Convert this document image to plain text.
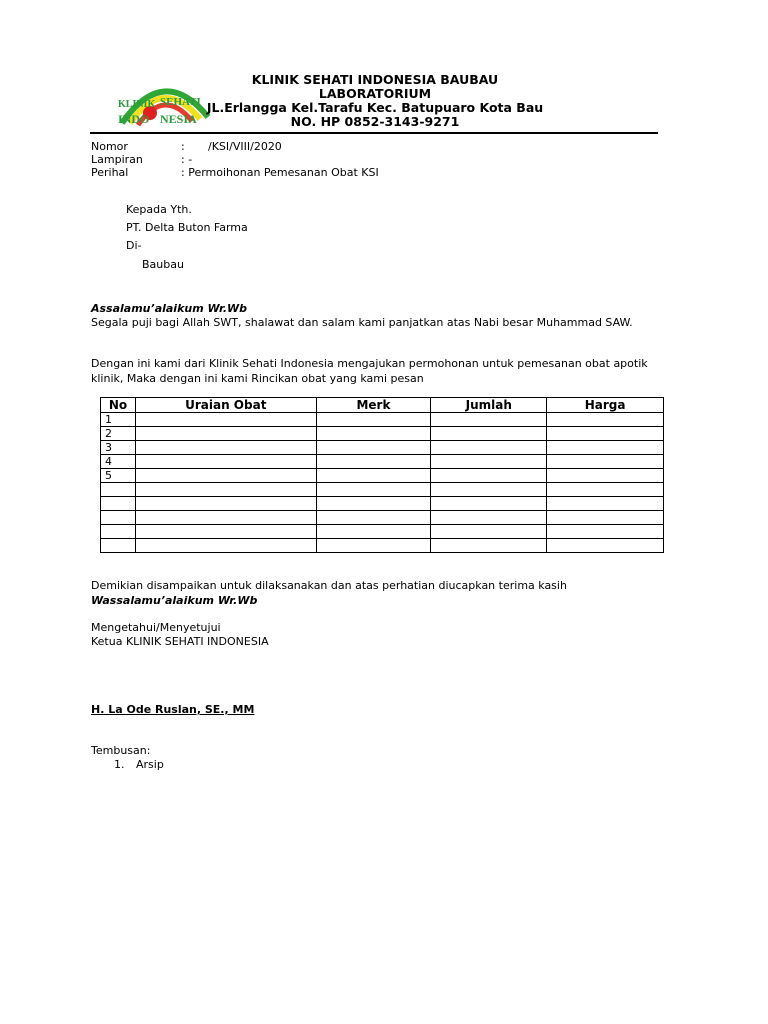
KLINIK SEHATI
INDO NESIA
KLINIK SEHATI INDONESIA BAUBAU
LABORATORIUM
JL.Erlangga Kel.Tarafu Kec. Batupuaro Kota Bau
NO. HP 0852-3143-9271
Nomor	: /KSI/VIII/2020
Lampiran	: -
Perihal	: Permoihonan Pemesanan Obat KSI
Kepada Yth.
PT. Delta Buton Farma
Di-
Baubau
Assalamu’alaikum Wr.Wb
Segala puji bagi Allah SWT, shalawat dan salam kami panjatkan atas Nabi besar Muhammad SAW.
Dengan ini kami dari Klinik Sehati Indonesia mengajukan permohonan untuk pemesanan obat apotik
klinik, Maka dengan ini kami Rincikan obat yang kami pesan
No	Uraian Obat	Merk	Jumlah	Harga
1				
2				
3				
4				
5				

Demikian disampaikan untuk dilaksanakan dan atas perhatian diucapkan terima kasih
Wassalamu’alaikum Wr.Wb
Mengetahui/Menyetujui
Ketua KLINIK SEHATI INDONESIA
H. La Ode Ruslan, SE., MM
Tembusan:
1. Arsip
